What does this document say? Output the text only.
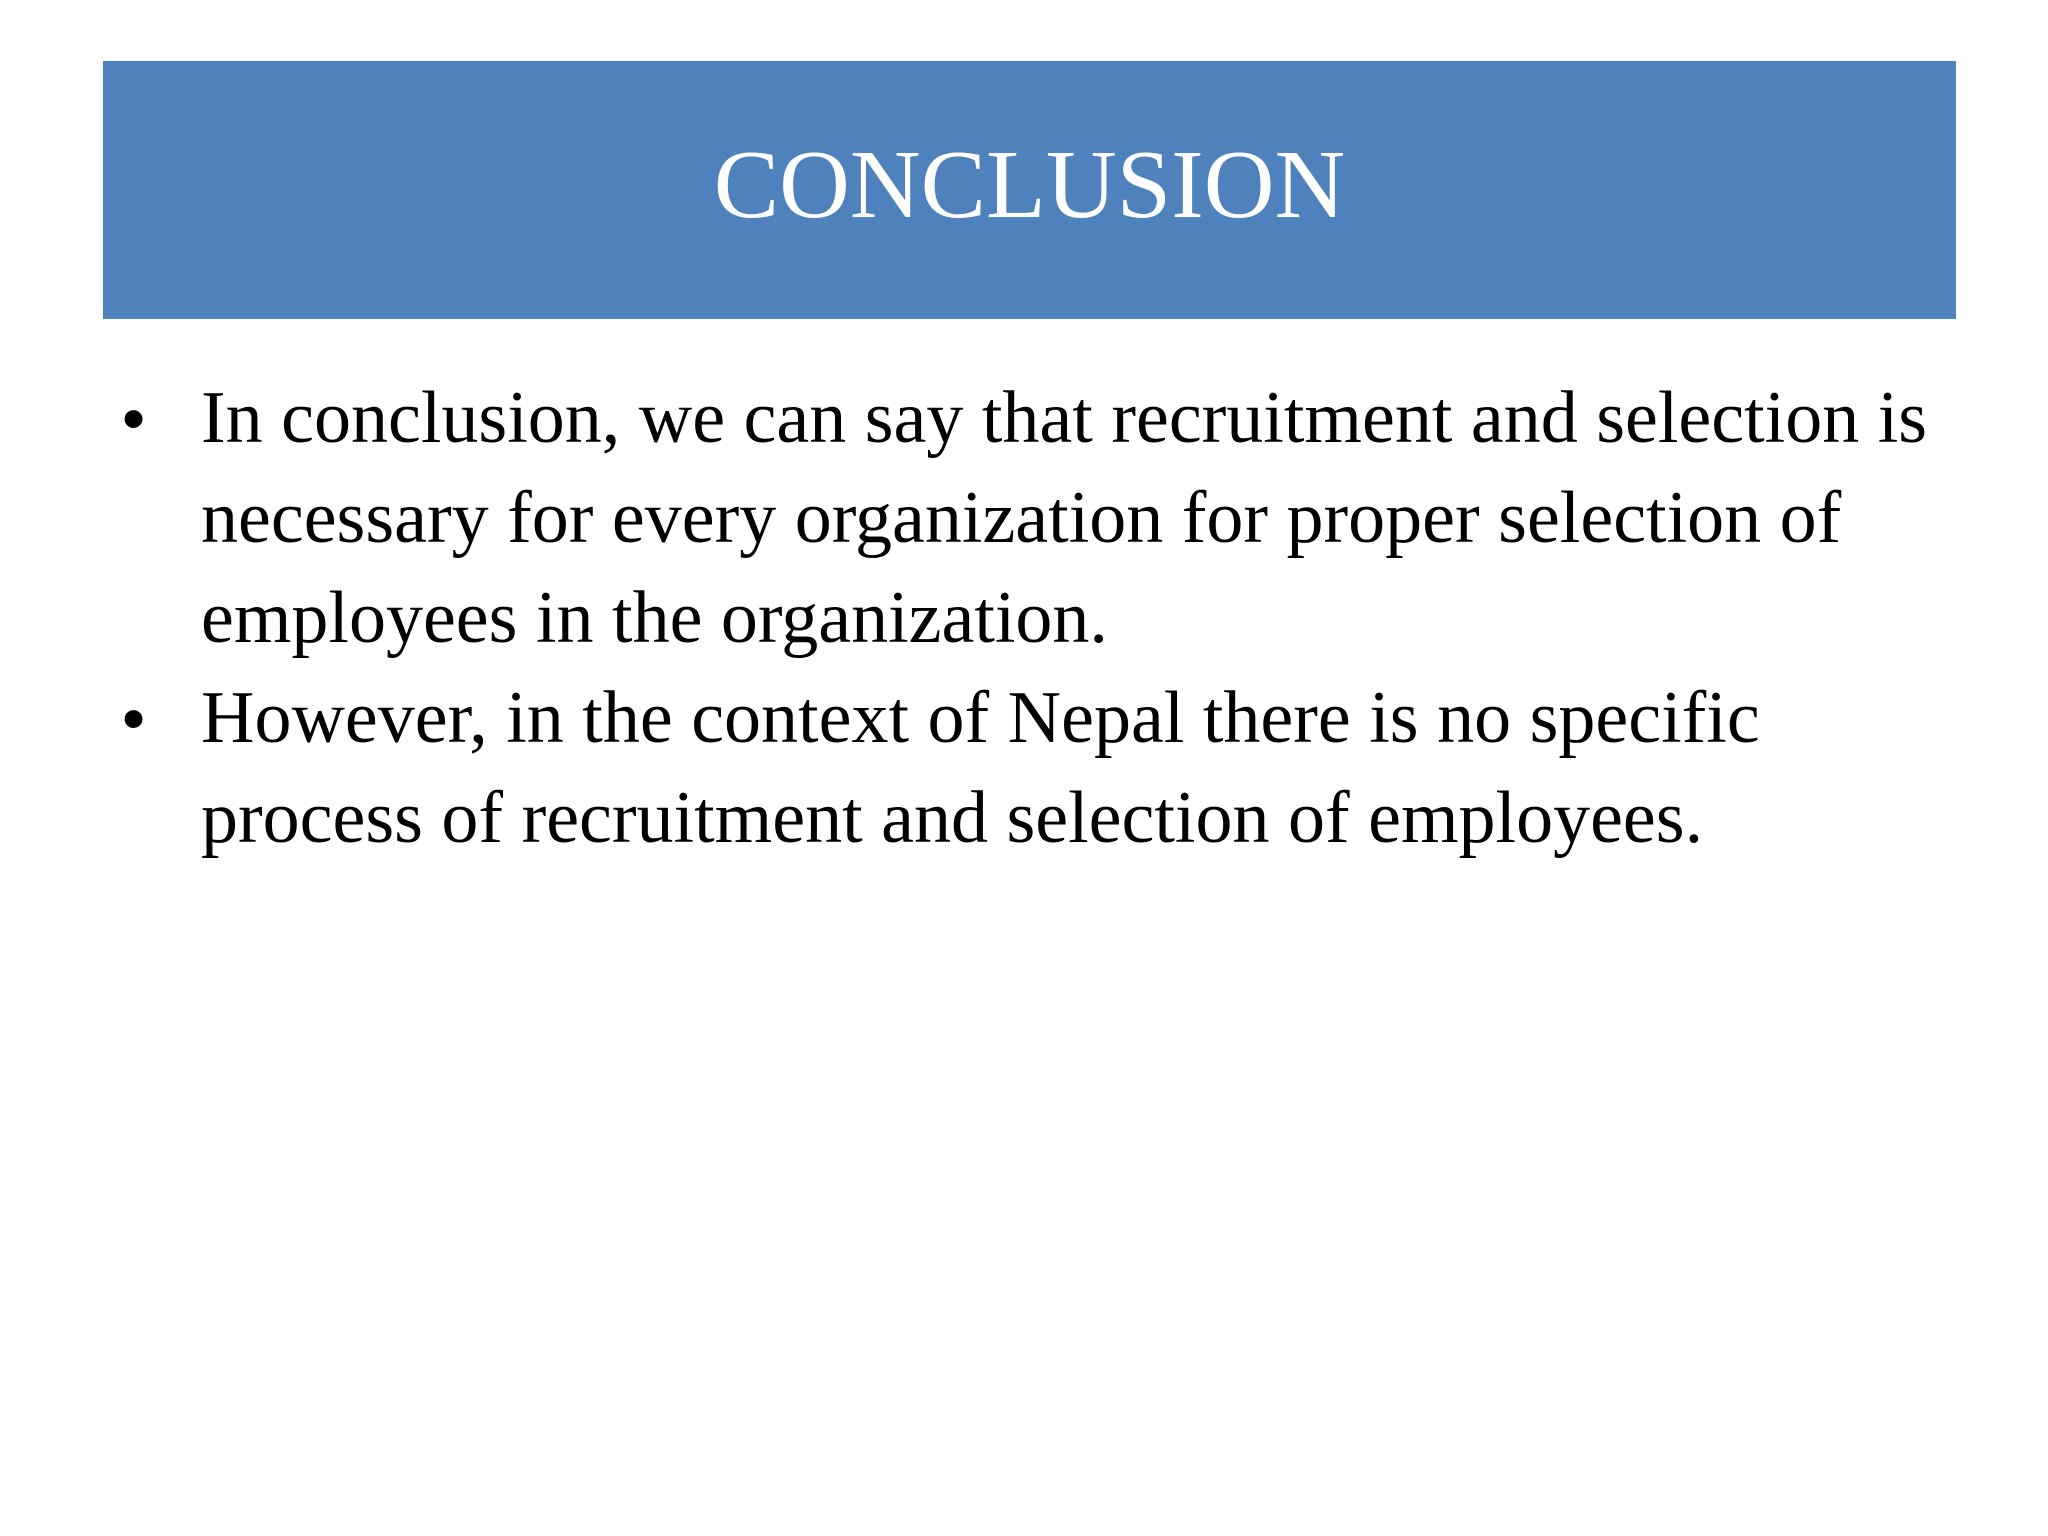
CONCLUSION
• In conclusion, we can say that recruitment and selection is necessary for every organization for proper selection of employees in the organization.
• However, in the context of Nepal there is no specific process of recruitment and selection of employees.
